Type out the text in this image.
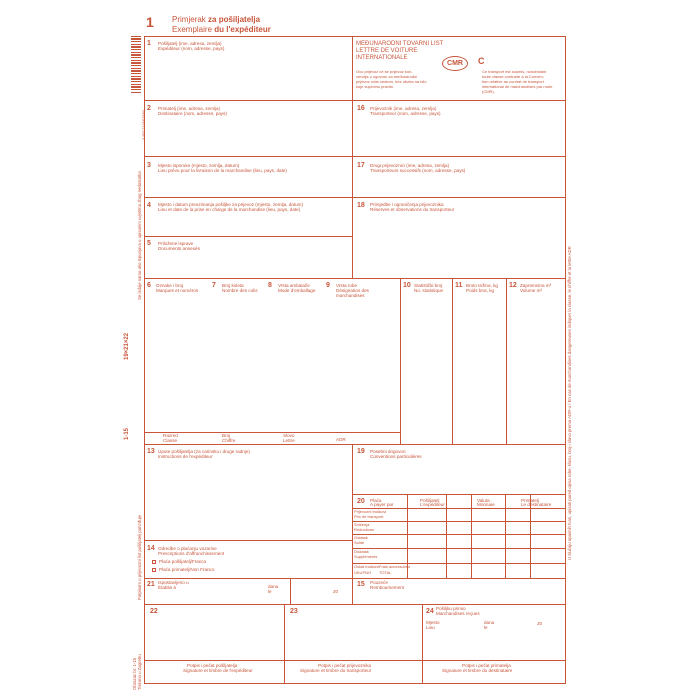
3 851234567890
1-15
19×21×22
Se izdaje samo ako ispunjava u upisanim uvjetima zbog nedostatka
Potpisom u prijevozni list pošiljatelj potvrđuje
Tiskano u Zagrebu
Obrazac br. 1-15
U slučaju opasnih tvari, upisati pored opisa robe, klasu, broj i slovo prema ADR-u / En cas de marchandises dangereuses indiquer la classe, le chiffre et la lettre ADR
1 Primjerak za pošiljatelja
Exemplaire du l'expéditeur
1 Pošiljatelj (ime, adresa, zemlja)
Expéditeur (nom, adresse, pays)
MEĐUNARODNI TOVARNI LIST
LETTRE DE VOITURE
INTERNATIONALE
CMR	C
Ovo prijevoz će se prijevoz kon-
vencija o ugovoru za međunarodni
prijevoz robe cestom, bez obzira na bilo
koje suprotno pravilo.
Ce transport est soumis, nonobstant
toute clause contraire à la Conven-
tion relative au contrat de transport
international de marchandises par route
(CMR).
2 Primatelj (ime, adresa, zemlja)
Destinataire (nom, adresse, pays)
16 Prijevoznik (ime, adresa, zemlja)
Transporteur (nom, adresse, pays)
3 Mjesto isporuke (mjesto, zemlja, datum)
Lieu prévu pour la livraison de la marchandise (lieu, pays, date)
17 Drugi prijevoznici (ime, adresa, zemlja)
Transporteurs successifs (nom, adresse, pays)
4 Mjesto i datum preuzimanja pošiljke za prijevoz (mjesto, zemlja, datum)
Lieu et date de la prise en charge de la marchandise (lieu, pays, date)
18 Primjedbe i ograničenja prijevoznika
Réserves et observations du transporteur
5 Priložene isprave
Documents annexés
6 Oznake i broj
Marques et numéros
7 Broj koleta
Nombre des colis
8 Vrsta ambalaže
Mode d'emballage
9 Vrsta robe
Désignation des marchandises
10 Statistički broj
No. statistique
11 Bruto težina, kg
Poids brut, kg
12 Zapremnina m³
Volume m³
Razred
Classe
Broj
Chiffre
Slovo
Lettre	ADR
13 Upute pošiljatelja (za carinsku i druge radnje)
Instructions de l'expéditeur
19 Posebni dogovori
Conventions particulières
20 Plaća
A payer par
Pošiljatelj
L'expéditeur
Valuta
Monnaie
Primatelj
Le destinataire
Prijevozni troškovi
Prix de transport
Sniženja
Réductions
Ostatak
Solde
Dodatak
Suppléments
Ostali troškovi Frais accessoires
UKUPNO TOTAL
14 Odredbe o plaćanju vozarine
Prescriptions d'affranchissement
Plaća pošiljatelj/Franco
Plaća primatelj/Non Franco
21 Ispostavljeno u
Établie à	dana
le	20
15 Pouzeće
Remboursement
22
Potpis i pečat pošiljatelja
Signature et timbre de l'expéditeur
23
Potpis i pečat prijevoznika
Signature et timbre du transporteur
24 Pošiljku primio
Marchandises reçues
Mjesto
Lieu
dana
le
20
Potpis i pečat primatelja
Signature et timbre du destinataire
